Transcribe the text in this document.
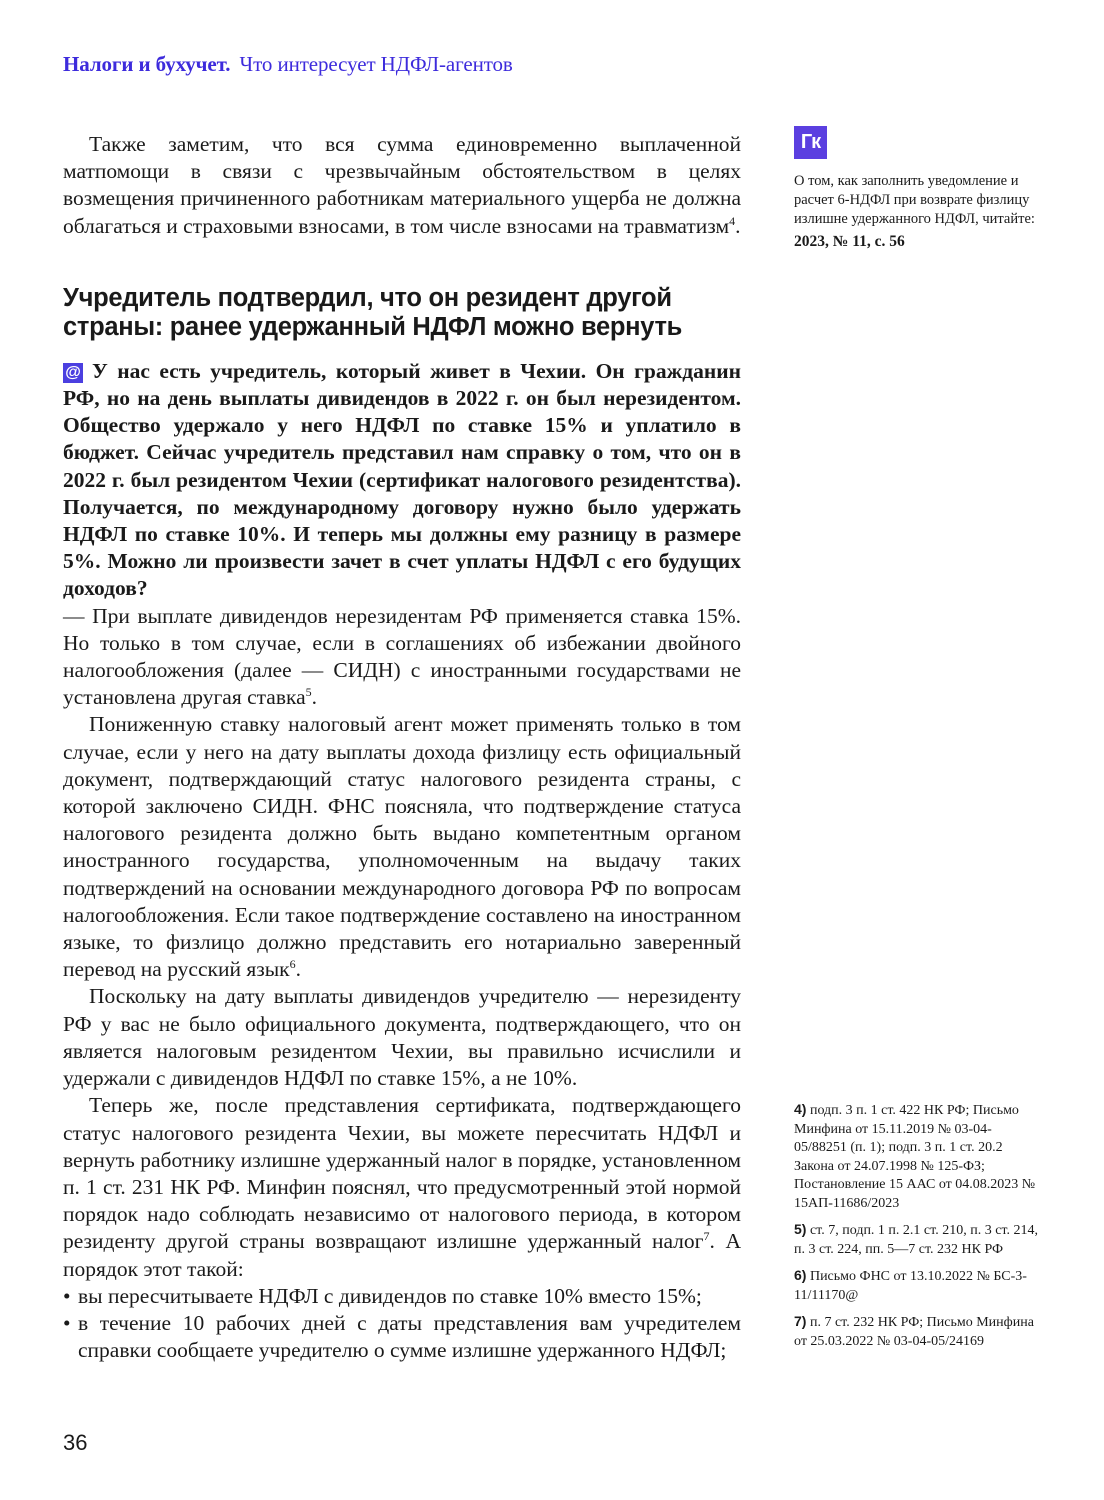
Налоги и бухучет. Что интересует НДФЛ-агентов

Также заметим, что вся сумма единовременно выплаченной матпомощи в связи с чрезвычайным обстоятельством в целях возмещения причиненного работникам материального ущерба не должна облагаться и страховыми взносами, в том числе взносами на травматизм$^4$.

Учредитель подтвердил, что он резидент другой страны: ранее удержанный НДФЛ можно вернуть

@ У нас есть учредитель, который живет в Чехии. Он гражданин РФ, но на день выплаты дивидендов в 2022 г. он был нерезидентом. Общество удержало у него НДФЛ по ставке 15% и уплатило в бюджет. Сейчас учредитель представил нам справку о том, что он в 2022 г. был резидентом Чехии (сертификат налогового резидентства). Получается, по международному договору нужно было удержать НДФЛ по ставке 10%. И теперь мы должны ему разницу в размере 5%. Можно ли произвести зачет в счет уплаты НДФЛ с его будущих доходов?

— При выплате дивидендов нерезидентам РФ применяется ставка 15%. Но только в том случае, если в соглашениях об избежании двойного налогообложения (далее — СИДН) с иностранными государствами не установлена другая ставка$^5$.

Пониженную ставку налоговый агент может применять только в том случае, если у него на дату выплаты дохода физлицу есть официальный документ, подтверждающий статус налогового резидента страны, с которой заключено СИДН. ФНС поясняла, что подтверждение статуса налогового резидента должно быть выдано компетентным органом иностранного государства, уполномоченным на выдачу таких подтверждений на основании международного договора РФ по вопросам налогообложения. Если такое подтверждение составлено на иностранном языке, то физлицо должно представить его нотариально заверенный перевод на русский язык$^6$.

Поскольку на дату выплаты дивидендов учредителю — нерезиденту РФ у вас не было официального документа, подтверждающего, что он является налоговым резидентом Чехии, вы правильно исчислили и удержали с дивидендов НДФЛ по ставке 15%, а не 10%.

Теперь же, после представления сертификата, подтверждающего статус налогового резидента Чехии, вы можете пересчитать НДФЛ и вернуть работнику излишне удержанный налог в порядке, установленном п. 1 ст. 231 НК РФ. Минфин пояснял, что предусмотренный этой нормой порядок надо соблюдать независимо от налогового периода, в котором резиденту другой страны возвращают излишне удержанный налог$^7$. А порядок этот такой:

• вы пересчитываете НДФЛ с дивидендов по ставке 10% вместо 15%;
• в течение 10 рабочих дней с даты представления вам учредителем справки сообщаете учредителю о сумме излишне удержанного НДФЛ;
Гк
О том, как заполнить уведомление и расчет 6-НДФЛ при возврате физлицу излишне удержанного НДФЛ, читайте:
2023, № 11, с. 56
4) подп. 3 п. 1 ст. 422 НК РФ; Письмо Минфина от 15.11.2019 № 03-04-05/88251 (п. 1); подп. 3 п. 1 ст. 20.2 Закона от 24.07.1998 № 125-ФЗ; Постановление 15 ААС от 04.08.2023 № 15АП-11686/2023
5) ст. 7, подп. 1 п. 2.1 ст. 210, п. 3 ст. 214, п. 3 ст. 224, пп. 5—7 ст. 232 НК РФ
6) Письмо ФНС от 13.10.2022 № БС-3-11/11170@
7) п. 7 ст. 232 НК РФ; Письмо Минфина от 25.03.2022 № 03-04-05/24169
36
